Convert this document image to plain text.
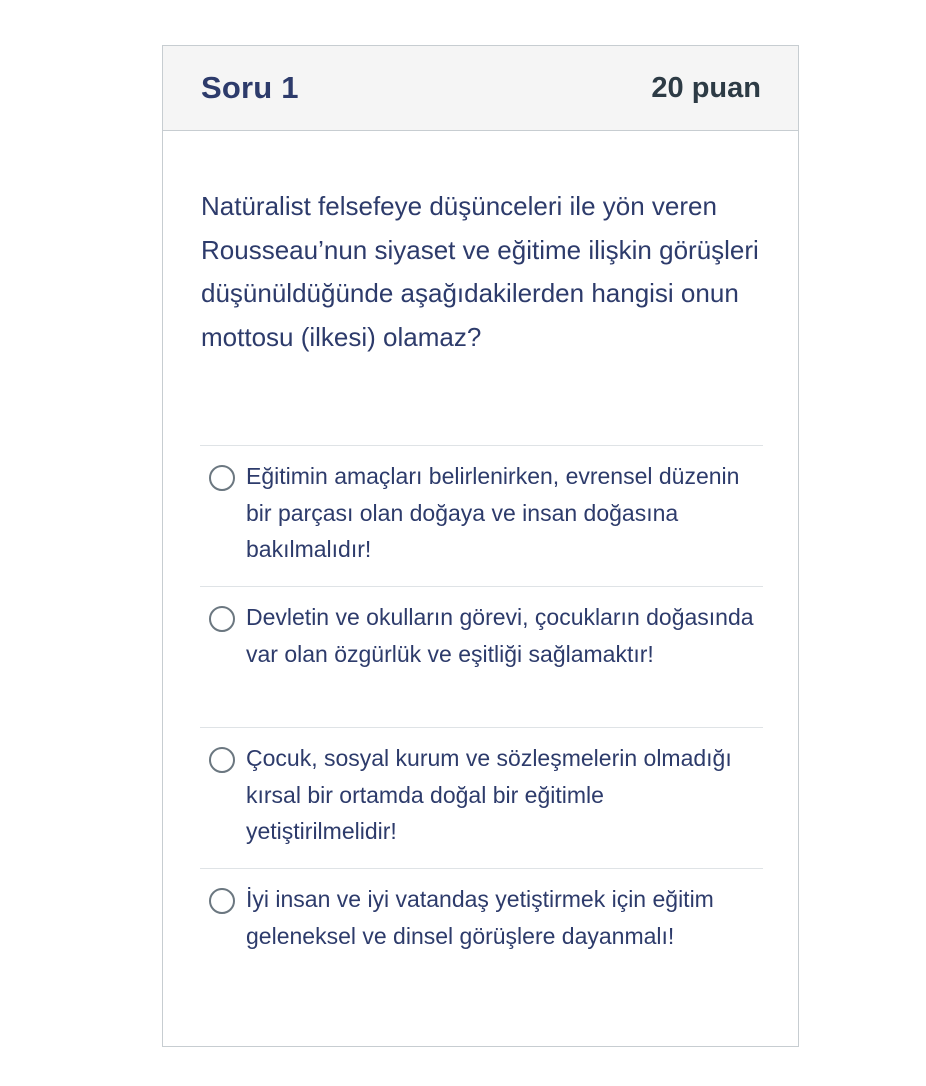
Soru 1	20 puan
Natüralist felsefeye düşünceleri ile yön veren Rousseau’nun siyaset ve eğitime ilişkin görüşleri düşünüldüğünde aşağıdakilerden hangisi onun mottosu (ilkesi) olamaz?
Eğitimin amaçları belirlenirken, evrensel düzenin bir parçası olan doğaya ve insan doğasına bakılmalıdır!
Devletin ve okulların görevi, çocukların doğasında var olan özgürlük ve eşitliği sağlamaktır!
Çocuk, sosyal kurum ve sözleşmelerin olmadığı kırsal bir ortamda doğal bir eğitimle yetiştirilmelidir!
İyi insan ve iyi vatandaş yetiştirmek için eğitim geleneksel ve dinsel görüşlere dayanmalı!
